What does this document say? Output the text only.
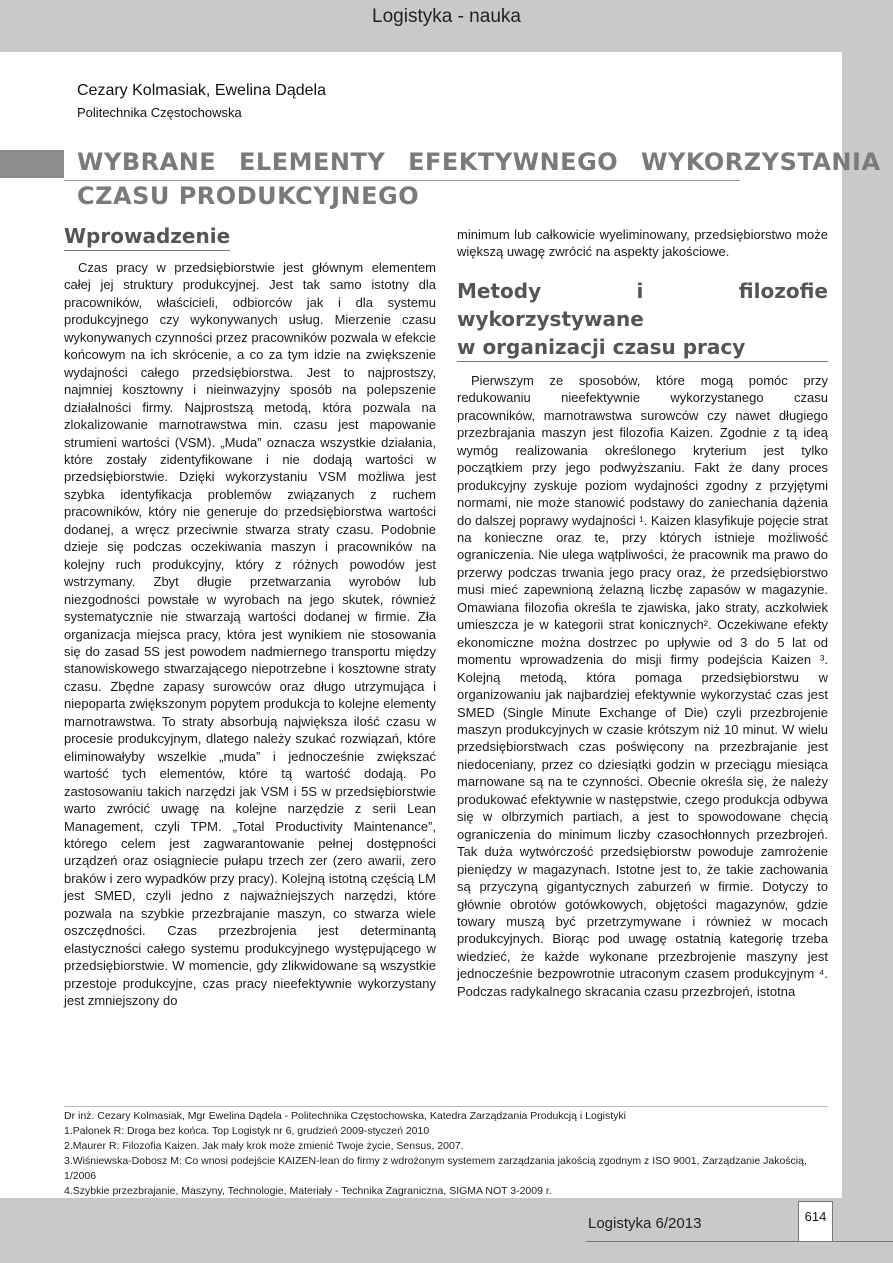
Logistyka - nauka
Cezary Kolmasiak, Ewelina Dądela
Politechnika Częstochowska
WYBRANE ELEMENTY EFEKTYWNEGO WYKORZYSTANIA
CZASU PRODUKCYJNEGO
Wprowadzenie

Czas pracy w przedsiębiorstwie jest głównym elementem całej jej struktury produkcyjnej. Jest tak samo istotny dla pracowników, właścicieli, odbiorców jak i dla systemu produkcyjnego czy wykonywanych usług. Mierzenie czasu wykonywanych czynności przez pracowników pozwala w efekcie końcowym na ich skrócenie, a co za tym idzie na zwiększenie wydajności całego przedsiębiorstwa. Jest to najprostszy, najmniej kosztowny i nieinwazyjny sposób na polepszenie działalności firmy. Najprostszą metodą, która pozwala na zlokalizowanie marnotrawstwa min. czasu jest mapowanie strumieni wartości (VSM). „Muda” oznacza wszystkie działania, które zostały zidentyfikowane i nie dodają wartości w przedsiębiorstwie. Dzięki wykorzystaniu VSM możliwa jest szybka identyfikacja problemów związanych z ruchem pracowników, który nie generuje do przedsiębiorstwa wartości dodanej, a wręcz przeciwnie stwarza straty czasu. Podobnie dzieje się podczas oczekiwania maszyn i pracowników na kolejny ruch produkcyjny, który z różnych powodów jest wstrzymany. Zbyt długie przetwarzania wyrobów lub niezgodności powstałe w wyrobach na jego skutek, również systematycznie nie stwarzają wartości dodanej w firmie. Zła organizacja miejsca pracy, która jest wynikiem nie stosowania się do zasad 5S jest powodem nadmiernego transportu między stanowiskowego stwarzającego niepotrzebne i kosztowne straty czasu. Zbędne zapasy surowców oraz długo utrzymująca i niepoparta zwiększonym popytem produkcja to kolejne elementy marnotrawstwa. To straty absorbują największa ilość czasu w procesie produkcyjnym, dlatego należy szukać rozwiązań, które eliminowałyby wszelkie „muda” i jednocześnie zwiększać wartość tych elementów, które tą wartość dodają. Po zastosowaniu takich narzędzi jak VSM i 5S w przedsiębiorstwie warto zwrócić uwagę na kolejne narzędzie z serii Lean Management, czyli TPM. „Total Productivity Maintenance”, którego celem jest zagwarantowanie pełnej dostępności urządzeń oraz osiągniecie pułapu trzech zer (zero awarii, zero braków i zero wypadków przy pracy). Kolejną istotną częścią LM jest SMED, czyli jedno z najważniejszych narzędzi, które pozwala na szybkie przezbrajanie maszyn, co stwarza wiele oszczędności. Czas przezbrojenia jest determinantą elastyczności całego systemu produkcyjnego występującego w przedsiębiorstwie. W momencie, gdy zlikwidowane są wszystkie przestoje produkcyjne, czas pracy nieefektywnie wykorzystany jest zmniejszony do

minimum lub całkowicie wyeliminowany, przedsiębiorstwo może większą uwagę zwrócić na aspekty jakościowe.

Metody i filozofie wykorzystywane
w organizacji czasu pracy

Pierwszym ze sposobów, które mogą pomóc przy redukowaniu nieefektywnie wykorzystanego czasu pracowników, marnotrawstwa surowców czy nawet długiego przezbrajania maszyn jest filozofia Kaizen. Zgodnie z tą ideą wymóg realizowania określonego kryterium jest tylko początkiem przy jego podwyższaniu. Fakt że dany proces produkcyjny zyskuje poziom wydajności zgodny z przyjętymi normami, nie może stanowić podstawy do zaniechania dążenia do dalszej poprawy wydajności ¹. Kaizen klasyfikuje pojęcie strat na konieczne oraz te, przy których istnieje możliwość ograniczenia. Nie ulega wątpliwości, że pracownik ma prawo do przerwy podczas trwania jego pracy oraz, że przedsiębiorstwo musi mieć zapewnioną żelazną liczbę zapasów w magazynie. Omawiana filozofia określa te zjawiska, jako straty, aczkolwiek umieszcza je w kategorii strat konicznych². Oczekiwane efekty ekonomiczne można dostrzec po upływie od 3 do 5 lat od momentu wprowadzenia do misji firmy podejścia Kaizen ³. Kolejną metodą, która pomaga przedsiębiorstwu w organizowaniu jak najbardziej efektywnie wykorzystać czas jest SMED (Single Minute Exchange of Die) czyli przezbrojenie maszyn produkcyjnych w czasie krótszym niż 10 minut. W wielu przedsiębiorstwach czas poświęcony na przezbrajanie jest niedoceniany, przez co dziesiątki godzin w przeciągu miesiąca marnowane są na te czynności. Obecnie określa się, że należy produkować efektywnie w następstwie, czego produkcja odbywa się w olbrzymich partiach, a jest to spowodowane chęcią ograniczenia do minimum liczby czasochłonnych przezbrojeń. Tak duża wytwórczość przedsiębiorstw powoduje zamrożenie pieniędzy w magazynach. Istotne jest to, że takie zachowania są przyczyną gigantycznych zaburzeń w firmie. Dotyczy to głównie obrotów gotówkowych, objętości magazynów, gdzie towary muszą być przetrzymywane i również w mocach produkcyjnych. Biorąc pod uwagę ostatnią kategorię trzeba wiedzieć, że każde wykonane przezbrojenie maszyny jest jednocześnie bezpowrotnie utraconym czasem produkcyjnym ⁴. Podczas radykalnego skracania czasu przezbrojeń, istotna

Dr inż. Cezary Kolmasiak, Mgr Ewelina Dądela - Politechnika Częstochowska, Katedra Zarządzania Produkcją i Logistyki
1.Palonek R: Droga bez końca. Top Logistyk nr 6, grudzień 2009-styczeń 2010
2.Maurer R: Filozofia Kaizen. Jak mały krok może zmienić Twoje życie, Sensus, 2007.
3.Wiśniewska-Dobosz M: Co wnosi podejście KAIZEN-lean do firmy z wdrożonym systemem zarządzania jakością zgodnym z ISO 9001, Zarządzanie Jakością, 1/2006
4.Szybkie przezbrajanie, Maszyny, Technologie, Materiały - Technika Zagraniczna, SIGMA NOT 3-2009 r.
614
Logistyka 6/2013
